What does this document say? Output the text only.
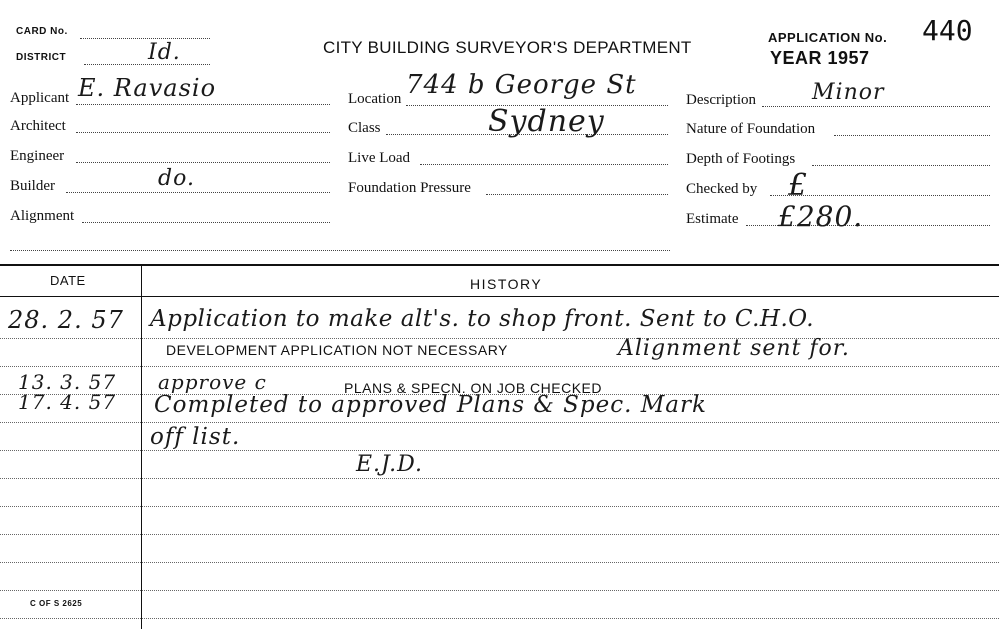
CARD No.
DISTRICT	Id.	CITY BUILDING SURVEYOR'S DEPARTMENT
APPLICATION No. 440
YEAR 1957
Applicant E. Ravasio
Architect
Engineer
Builder	do.
Alignment
Location 744 b George St
Class	Sydney
Live Load
Foundation Pressure
Description	Minor
Nature of Foundation
Depth of Footings
Checked by £
Estimate £280.
DATE	HISTORY
28. 2. 57 Application to make alt's. to shop front. Sent to C.H.O.
DEVELOPMENT APPLICATION NOT NECESSARY	Alignment sent for.
13. 3. 57 approve c	PLANS & SPECN. ON JOB CHECKED
17. 4. 57 Completed to approved Plans & Spec. Mark
off list.
E.J.D.
C OF S 2625
